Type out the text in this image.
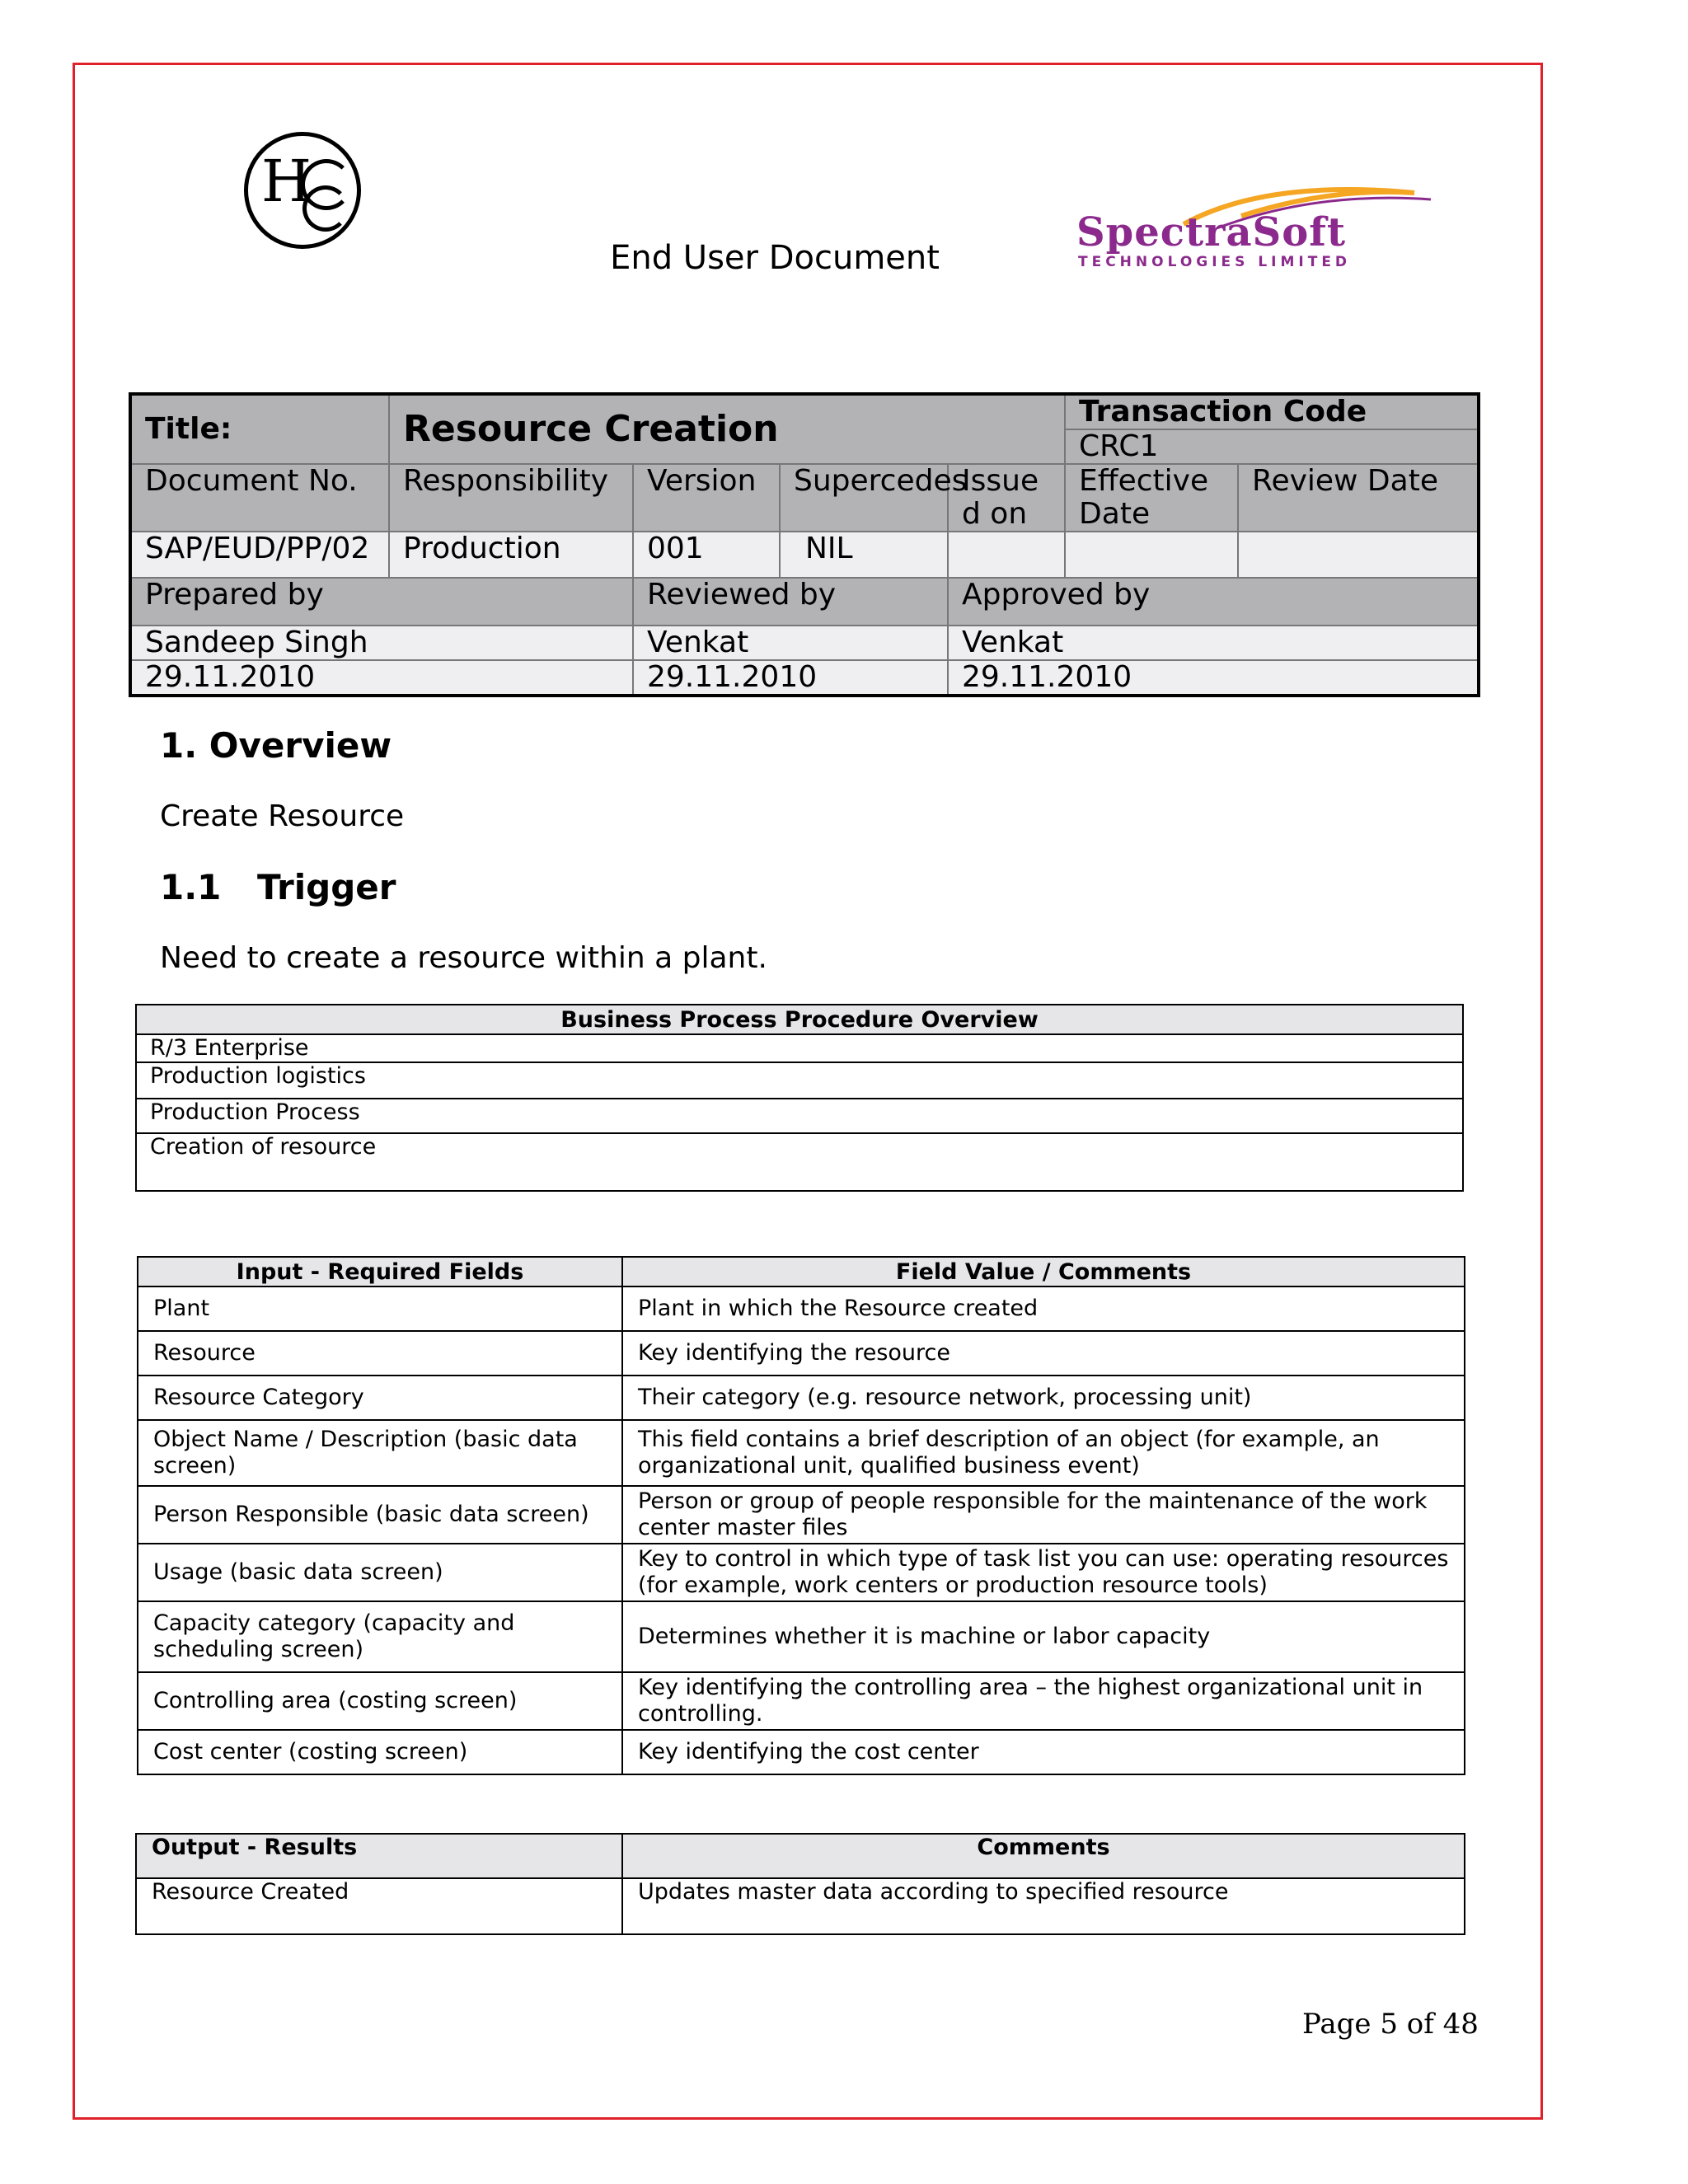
H
End User Document
SpectraSoft
TECHNOLOGIES LIMITED
Title:	Resource Creation				Transaction Code	
					CRC1	
Document No.	Responsibility	Version	Supercedes	Issue d on	Effective Date	Review Date
SAP/EUD/PP/02	Production	001	NIL			
Prepared by		Reviewed by		Approved by		
Sandeep Singh		Venkat		Venkat		
29.11.2010		29.11.2010		29.11.2010		
1. Overview
Create Resource
1.1 Trigger
Need to create a resource within a plant.
Business Process Procedure Overview
R/3 Enterprise
Production logistics
Production Process
Creation of resource
Input - Required Fields	Field Value / Comments
Plant	Plant in which the Resource created
Resource	Key identifying the resource
Resource Category	Their category (e.g. resource network, processing unit)
Object Name / Description (basic data screen)	This field contains a brief description of an object (for example, an organizational unit, qualified business event)
Person Responsible (basic data screen)	Person or group of people responsible for the maintenance of the work center master files
Usage (basic data screen)	Key to control in which type of task list you can use: operating resources (for example, work centers or production resource tools)
Capacity category (capacity and scheduling screen)	Determines whether it is machine or labor capacity
Controlling area (costing screen)	Key identifying the controlling area – the highest organizational unit in controlling.
Cost center (costing screen)	Key identifying the cost center
Output - Results	Comments
Resource Created	Updates master data according to specified resource
Page 5 of 48
